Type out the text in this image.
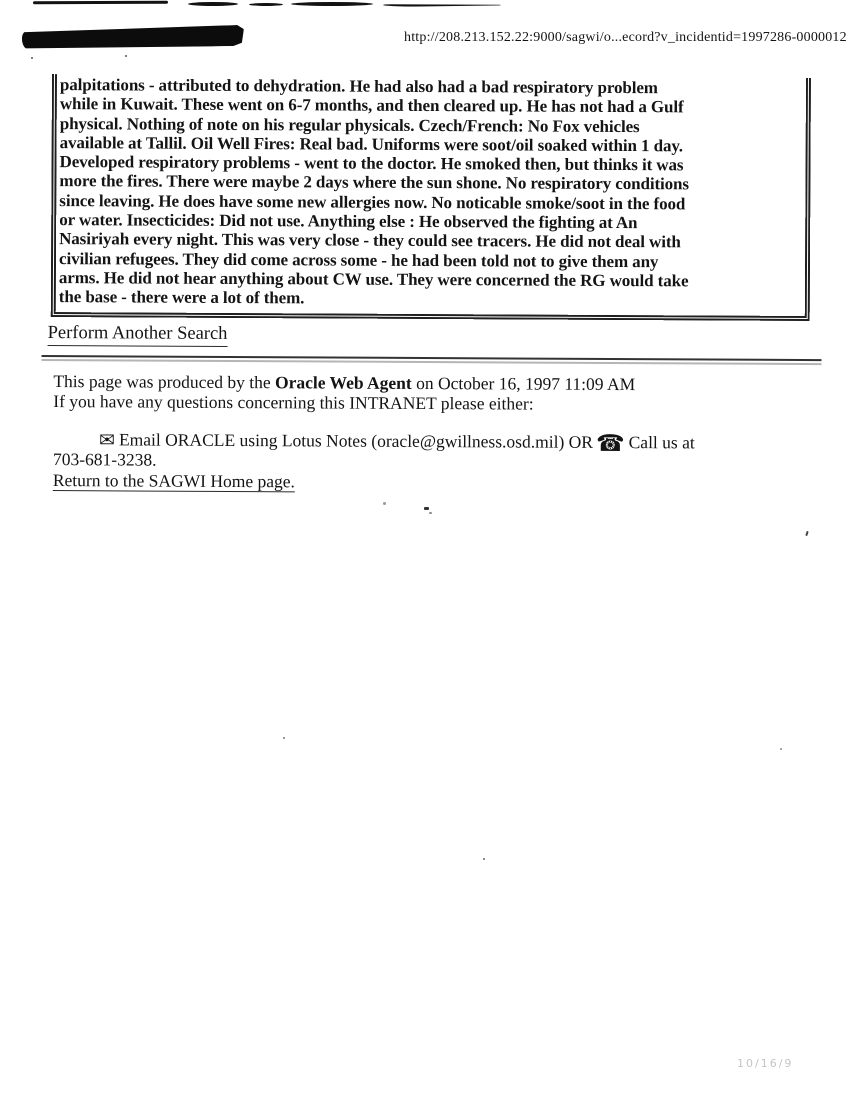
http://208.213.152.22:9000/sagwi/o...ecord?v_incidentid=1997286-0000012
palpitations - attributed to dehydration. He had also had a bad respiratory problem
while in Kuwait. These went on 6-7 months, and then cleared up. He has not had a Gulf
physical. Nothing of note on his regular physicals. Czech/French: No Fox vehicles
available at Tallil. Oil Well Fires: Real bad. Uniforms were soot/oil soaked within 1 day.
Developed respiratory problems - went to the doctor. He smoked then, but thinks it was
more the fires. There were maybe 2 days where the sun shone. No respiratory conditions
since leaving. He does have some new allergies now. No noticable smoke/soot in the food
or water. Insecticides: Did not use. Anything else : He observed the fighting at An
Nasiriyah every night. This was very close - they could see tracers. He did not deal with
civilian refugees. They did come across some - he had been told not to give them any
arms. He did not hear anything about CW use. They were concerned the RG would take
the base - there were a lot of them.
Perform Another Search
This page was produced by the Oracle Web Agent on October 16, 1997 11:09 AM
If you have any questions concerning this INTRANET please either:
✉ Email ORACLE using Lotus Notes (oracle@gwillness.osd.mil) OR ☎ Call us at
703-681-3238.
Return to the SAGWI Home page.
10/16/9
